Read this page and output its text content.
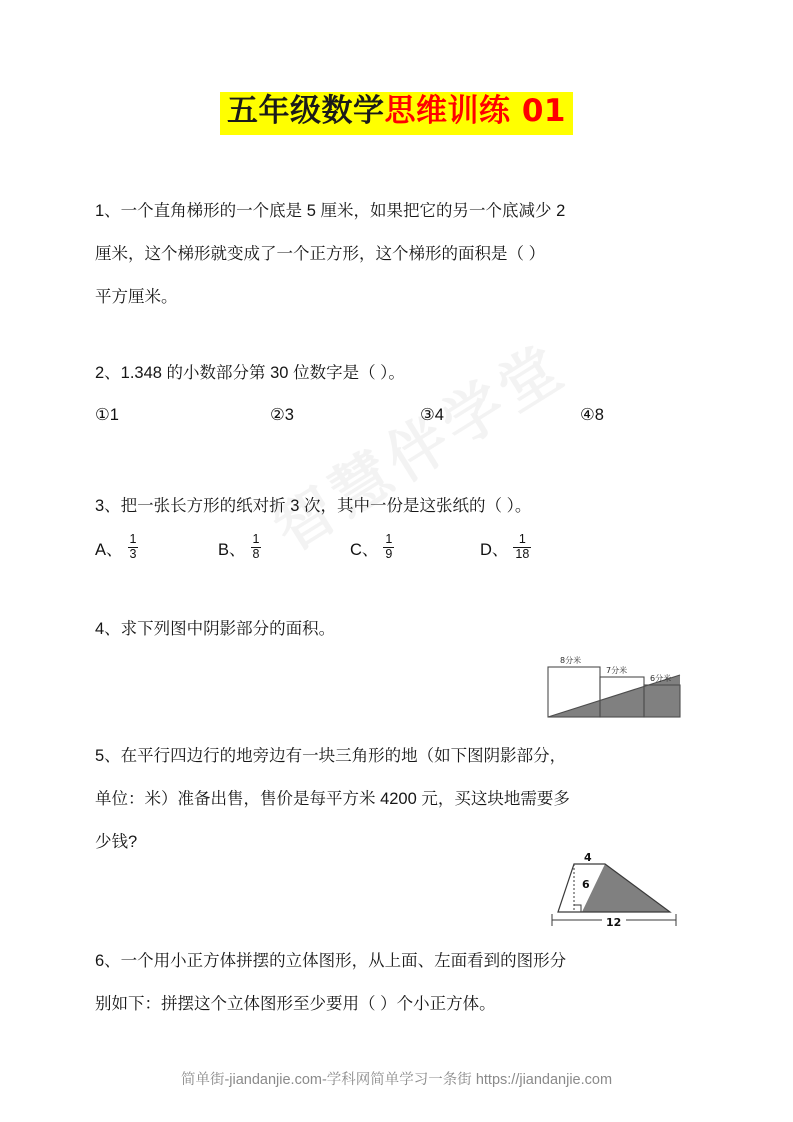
五年级数学思维训练 01
1、一个直角梯形的一个底是 5 厘米，如果把它的另一个底减少 2
厘米，这个梯形就变成了一个正方形，这个梯形的面积是（ ）
平方厘米。
2、1.348 的小数部分第 30 位数字是（ ）。
①1	②3	③4	④8
3、把一张长方形的纸对折 3 次，其中一份是这张纸的（ ）。
A、 $\frac{1}{3}$	B、 $\frac{1}{8}$	C、 $\frac{1}{9}$	D、 $\frac{1}{18}$
4、求下列图中阴影部分的面积。
5、在平行四边行的地旁边有一块三角形的地（如下图阴影部分，
单位：米）准备出售，售价是每平方米 4200 元，买这块地需要多
少钱?
6、一个用小正方体拼摆的立体图形，从上面、左面看到的图形分
别如下：拼摆这个立体图形至少要用（ ）个小正方体。
8分米
7分米
6分米
4
6
12
简单街-jiandanjie.com-学科网简单学习一条街 https://jiandanjie.com
